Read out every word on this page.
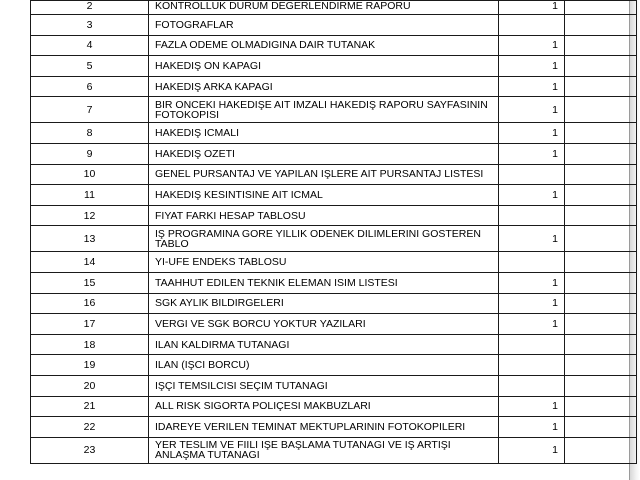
2	KONTROLLUK DURUM DEGERLENDIRME RAPORU	1	
3	FOTOGRAFLAR		
4	FAZLA ODEME OLMADIGINA DAIR TUTANAK	1	
5	HAKEDIŞ ON KAPAGI	1	
6	HAKEDIŞ ARKA KAPAGI	1	
7	BIR ONCEKI HAKEDIŞE AIT IMZALI HAKEDIŞ RAPORU SAYFASININ FOTOKOPISI	1	
8	HAKEDIŞ ICMALI	1	
9	HAKEDIŞ OZETI	1	
10	GENEL PURSANTAJ VE YAPILAN IŞLERE AIT PURSANTAJ LISTESI		
11	HAKEDIŞ KESINTISINE AIT ICMAL	1	
12	FIYAT FARKI HESAP TABLOSU		
13	IŞ PROGRAMINA GORE YILLIK ODENEK DILIMLERINI GOSTEREN TABLO	1	
14	YI-UFE ENDEKS TABLOSU		
15	TAAHHUT EDILEN TEKNIK ELEMAN ISIM LISTESI	1	
16	SGK AYLIK BILDIRGELERI	1	
17	VERGI VE SGK BORCU YOKTUR YAZILARI	1	
18	ILAN KALDIRMA TUTANAGI		
19	ILAN (IŞCI BORCU)		
20	IŞÇI TEMSILCISI SEÇIM TUTANAGI		
21	ALL RISK SIGORTA POLIÇESI MAKBUZLARI	1	
22	IDAREYE VERILEN TEMINAT MEKTUPLARININ FOTOKOPILERI	1	
23	YER TESLIM VE FIILI IŞE BAŞLAMA TUTANAGI VE IŞ ARTIŞI ANLAŞMA TUTANAGI	1	
